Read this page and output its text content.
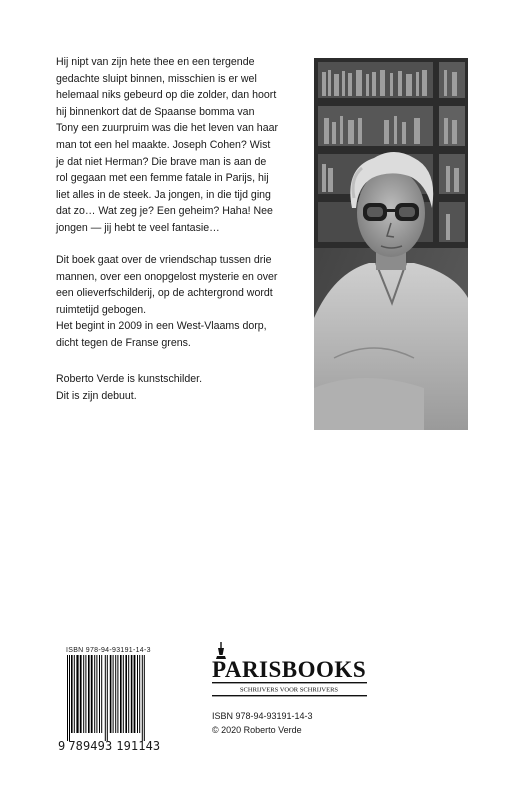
Hij nipt van zijn hete thee en een tergende

gedachte sluipt binnen, misschien is er wel

helemaal niks gebeurd op die zolder, dan hoort

hij binnenkort dat de Spaanse bomma van

Tony een zuurpruim was die het leven van haar

man tot een hel maakte. Joseph Cohen? Wist

je dat niet Herman? Die brave man is aan de

rol gegaan met een femme fatale in Parijs, hij

liet alles in de steek. Ja jongen, in die tijd ging

dat zo… Wat zeg je? Een geheim? Haha! Nee

jongen — jij hebt te veel fantasie…

Dit boek gaat over de vriendschap tussen drie

mannen, over een onopgelost mysterie en over

een olieverfschilderij, op de achtergrond wordt

ruimtetijd gebogen.

Het begint in 2009 in een West-Vlaams dorp,

dicht tegen de Franse grens.

Roberto Verde is kunstschilder.

Dit is zijn debuut.

ISBN 978-94-93191-14-3
9 789493 191143
PARISBOOKS
SCHRIJVERS VOOR SCHRIJVERS
ISBN 978-94-93191-14-3
© 2020 Roberto Verde
